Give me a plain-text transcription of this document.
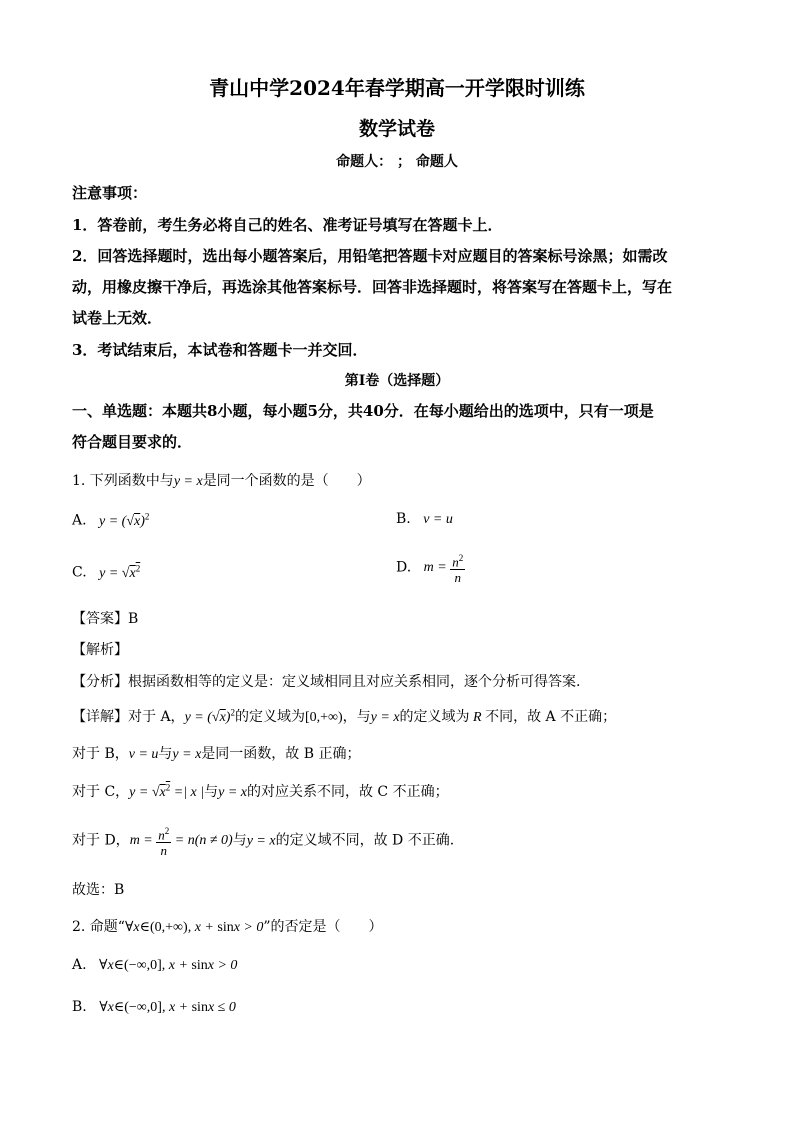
青山中学2024年春学期高一开学限时训练
数学试卷
命题人： ； 命题人
注意事项：
1．答卷前，考生务必将自己的姓名、准考证号填写在答题卡上．
2．回答选择题时，选出每小题答案后，用铅笔把答题卡对应题目的答案标号涂黑；如需改
动，用橡皮擦干净后，再选涂其他答案标号．回答非选择题时，将答案写在答题卡上，写在
试卷上无效．
3．考试结束后，本试卷和答题卡一并交回．
第Ⅰ卷（选择题）
一、单选题：本题共8小题，每小题5分，共40分．在每小题给出的选项中，只有一项是
符合题目要求的．
1. 下列函数中与y = x是同一个函数的是（　　）
A. $y = (√x)^2$	B. v = u
C. $y = √x^2$	D. $m = \frac{n^2}{n}$
【答案】B
【解析】
【分析】根据函数相等的定义是：定义域相同且对应关系相同，逐个分析可得答案.
【详解】对于 A，$y = (√x)^2$的定义域为[0,+∞)，与y = x的定义域为 R 不同，故 A 不正确；
对于 B，v = u与y = x是同一函数，故 B 正确；
对于 C，$y = √x^2$ =| x |与y = x的对应关系不同，故 C 不正确；
对于 D，$m = \frac{n^2}{n} = n(n \ne 0)$与y = x的定义域不同，故 D 不正确.
故选：B
2. 命题“∀x∈(0,+∞), x + sinx > 0”的否定是（　　）
A. ∀x∈(−∞,0], x + sinx > 0
B. ∀x∈(−∞,0], x + sinx ≤ 0
